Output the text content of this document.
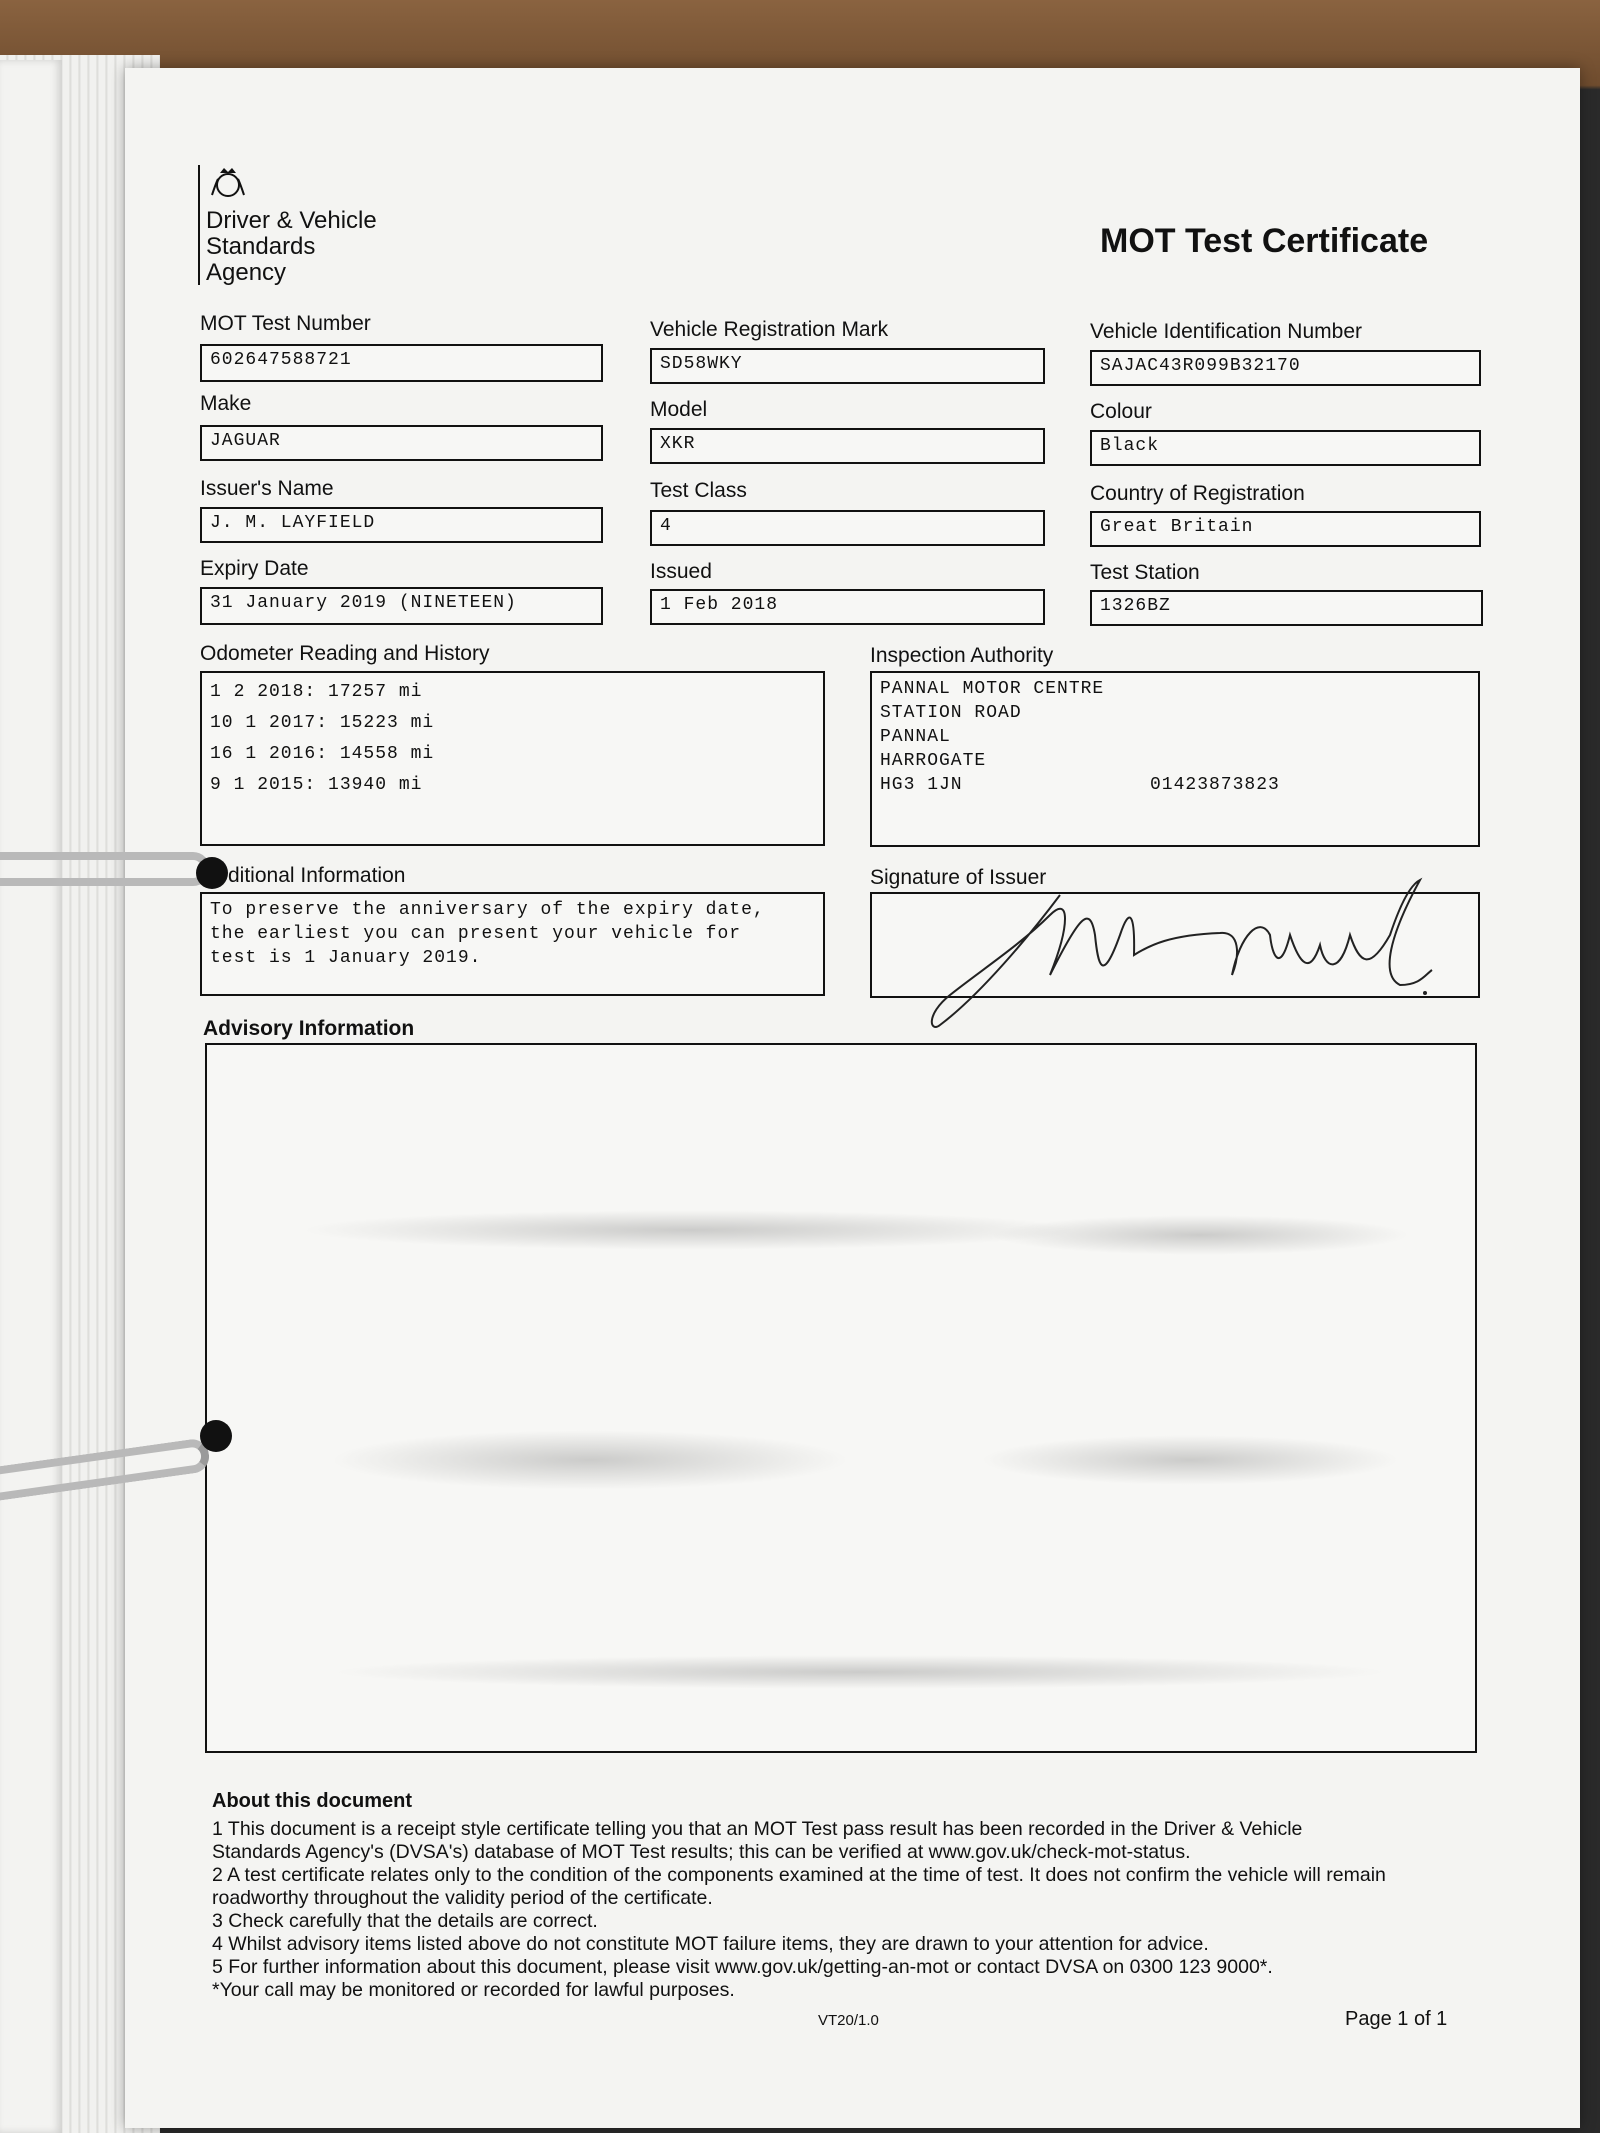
Driver & Vehicle
Standards
Agency
MOT Test Certificate
MOT Test Number
602647588721
Vehicle Registration Mark
SD58WKY
Vehicle Identification Number
SAJAC43R099B32170
Make
JAGUAR
Model
XKR
Colour
Black
Issuer's Name
J. M. LAYFIELD
Test Class
4
Country of Registration
Great Britain
Expiry Date
31 January 2019 (NINETEEN)
Issued
1 Feb 2018
Test Station
1326BZ
Odometer Reading and History
1 2 2018: 17257 mi
10 1 2017: 15223 mi
16 1 2016: 14558 mi
9 1 2015: 13940 mi
Inspection Authority
PANNAL MOTOR CENTRE
STATION ROAD
PANNAL
HARROGATE
HG3 1JN	01423873823
ditional Information
To preserve the anniversary of the expiry date,
the earliest you can present your vehicle for
test is 1 January 2019.
Signature of Issuer
Advisory Information
About this document
1 This document is a receipt style certificate telling you that an MOT Test pass result has been recorded in the Driver & Vehicle
Standards Agency's (DVSA's) database of MOT Test results; this can be verified at www.gov.uk/check-mot-status.
2 A test certificate relates only to the condition of the components examined at the time of test. It does not confirm the vehicle will remain
roadworthy throughout the validity period of the certificate.
3 Check carefully that the details are correct.
4 Whilst advisory items listed above do not constitute MOT failure items, they are drawn to your attention for advice.
5 For further information about this document, please visit www.gov.uk/getting-an-mot or contact DVSA on 0300 123 9000*.
*Your call may be monitored or recorded for lawful purposes.
VT20/1.0	Page 1 of 1
